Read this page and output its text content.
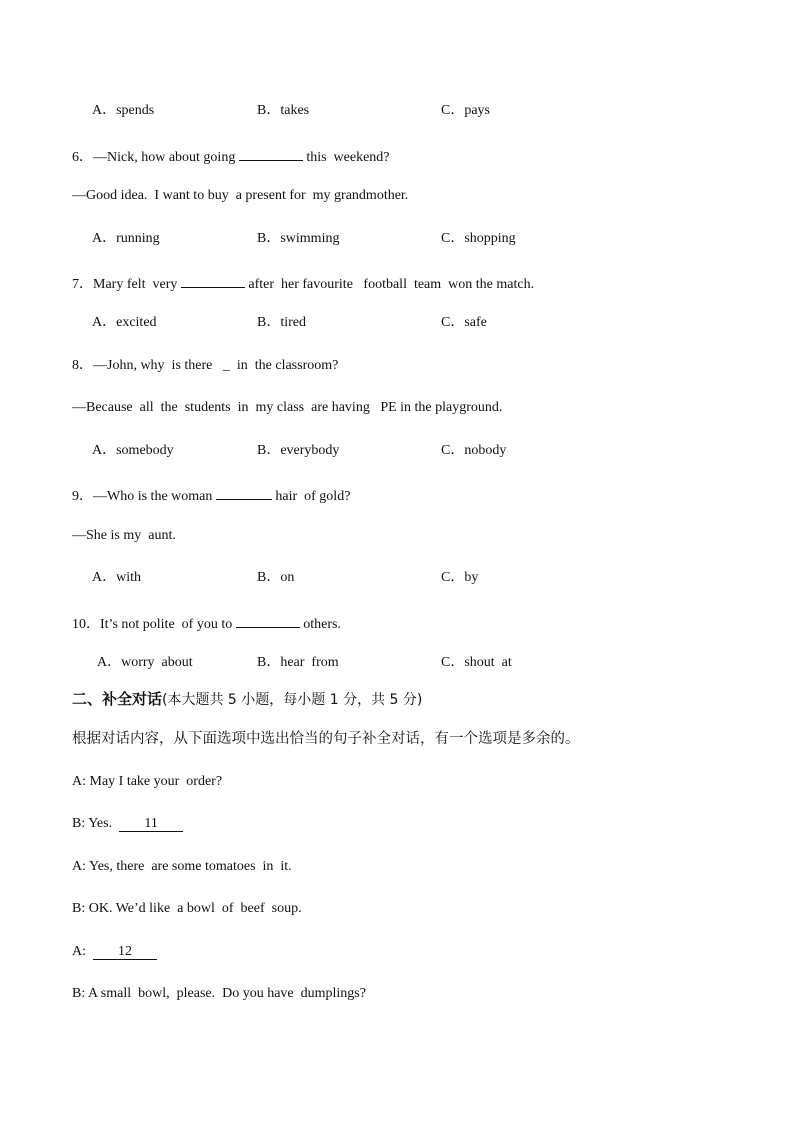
A．spends	B．takes	C．pays
6．—Nick, how about going	this  weekend?
—Good idea.  I want to buy  a present for  my grandmother.
A．running	B．swimming	C．shopping
7．Mary felt  very	after  her favourite   football  team  won the match.
A．excited	B．tired	C．safe
8．—John, why  is there   _  in  the classroom?
—Because  all  the  students  in  my class  are having   PE in the playground.
A．somebody	B．everybody	C．nobody
9．—Who is the woman	hair  of gold?
—She is my  aunt.
A．with	B．on	C．by
10．It’s not polite  of you to	others.
A．worry  about	B．hear  from	C．shout  at
二、补全对话(本大题共 5 小题，每小题 1 分，共 5 分)
根据对话内容，从下面选项中选出恰当的句子补全对话，有一个选项是多余的。
A: May I take your  order?
B: Yes.  11
A: Yes, there  are some tomatoes  in  it.
B: OK. We’d like  a bowl  of  beef  soup.
A:  12
B: A small  bowl,  please.  Do you have  dumplings?
